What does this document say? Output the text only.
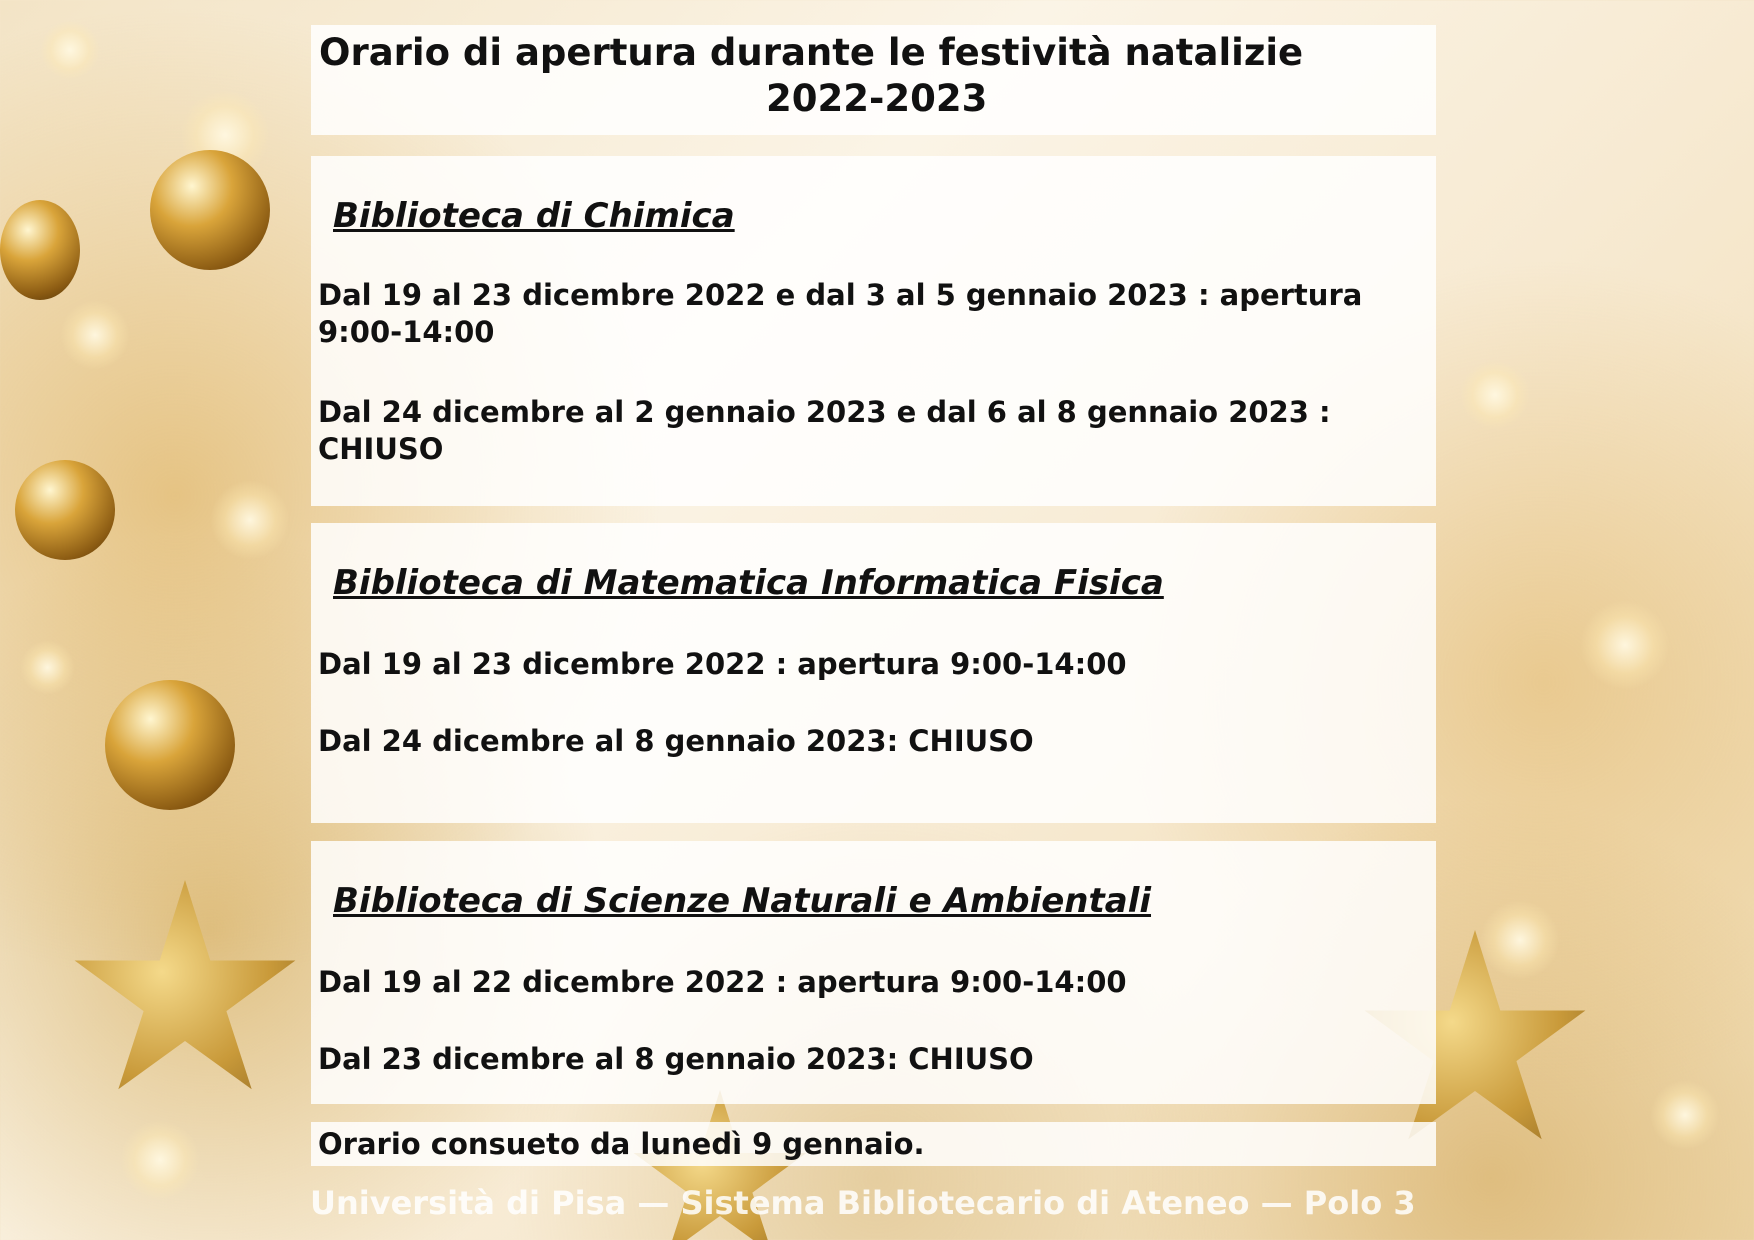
Orario di apertura durante le festività natalizie
2022-2023
Biblioteca di Chimica
Dal 19 al 23 dicembre 2022 e dal 3 al 5 gennaio 2023 : apertura
9:00-14:00
Dal 24 dicembre al 2 gennaio 2023 e dal 6 al 8 gennaio 2023 :
CHIUSO
Biblioteca di Matematica Informatica Fisica
Dal 19 al 23 dicembre 2022 : apertura 9:00-14:00
Dal 24 dicembre al 8 gennaio 2023: CHIUSO
Biblioteca di Scienze Naturali e Ambientali
Dal 19 al 22 dicembre 2022 : apertura 9:00-14:00
Dal 23 dicembre al 8 gennaio 2023: CHIUSO
Orario consueto da lunedì 9 gennaio.
Università di Pisa — Sistema Bibliotecario di Ateneo — Polo 3
